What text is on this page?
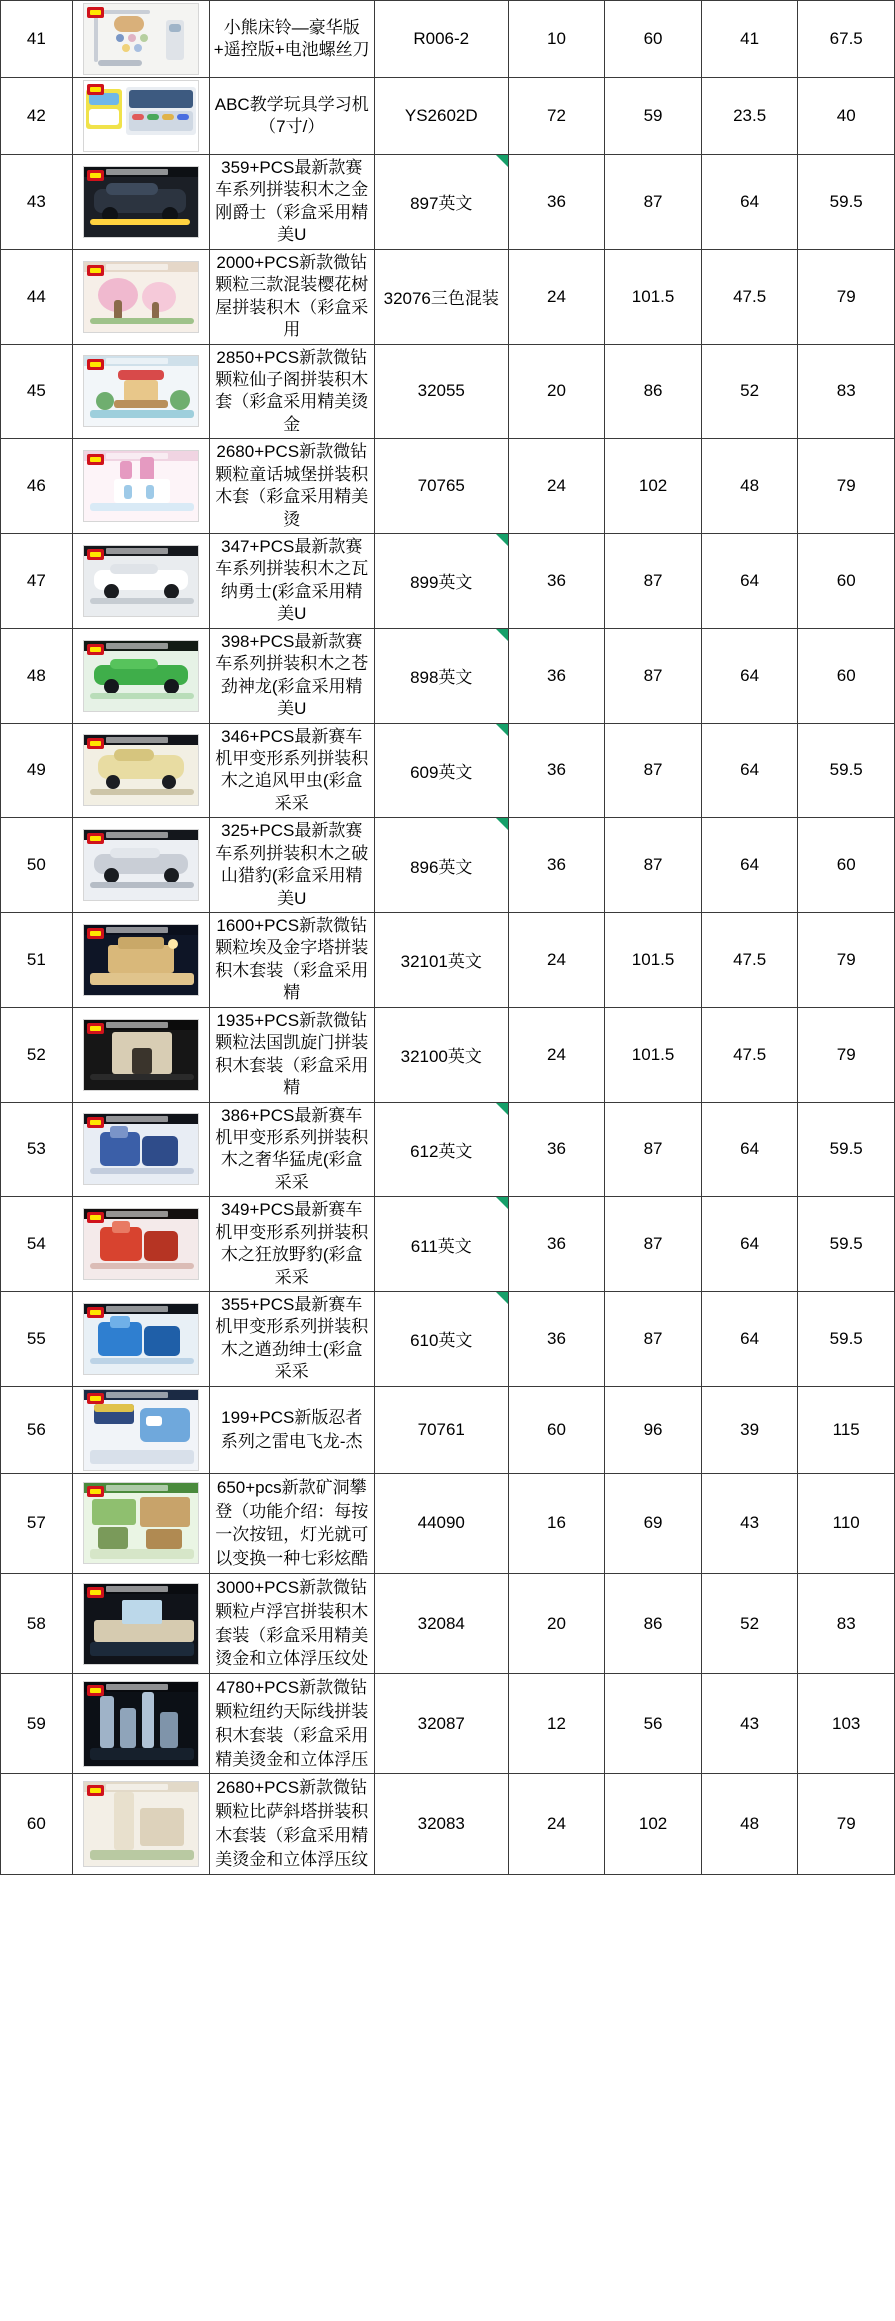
41		小熊床铃—豪华版+遥控版+电池螺丝刀	R006-2	10	60	41	67.5
42		ABC教学玩具学习机（7寸/）	YS2602D	72	59	23.5	40
43		359+PCS最新款赛车系列拼装积木之金刚爵士（彩盒采用精美U	897英文	36	87	64	59.5
44		2000+PCS新款微钻颗粒三款混装樱花树屋拼装积木（彩盒采用	32076三色混装	24	101.5	47.5	79
45		2850+PCS新款微钻颗粒仙子阁拼装积木套（彩盒采用精美烫金	32055	20	86	52	83
46		2680+PCS新款微钻颗粒童话城堡拼装积木套（彩盒采用精美烫	70765	24	102	48	79
47		347+PCS最新款赛车系列拼装积木之瓦纳勇士(彩盒采用精美U	899英文	36	87	64	60
48		398+PCS最新款赛车系列拼装积木之苍劲神龙(彩盒采用精美U	898英文	36	87	64	60
49		346+PCS最新赛车机甲变形系列拼装积木之追风甲虫(彩盒采采	609英文	36	87	64	59.5
50		325+PCS最新款赛车系列拼装积木之破山猎豹(彩盒采用精美U	896英文	36	87	64	60
51		1600+PCS新款微钻颗粒埃及金字塔拼装积木套装（彩盒采用精	32101英文	24	101.5	47.5	79
52		1935+PCS新款微钻颗粒法国凯旋门拼装积木套装（彩盒采用精	32100英文	24	101.5	47.5	79
53		386+PCS最新赛车机甲变形系列拼装积木之奢华猛虎(彩盒采采	612英文	36	87	64	59.5
54		349+PCS最新赛车机甲变形系列拼装积木之狂放野豹(彩盒采采	611英文	36	87	64	59.5
55		355+PCS最新赛车机甲变形系列拼装积木之遒劲绅士(彩盒采采	610英文	36	87	64	59.5
56		199+PCS新版忍者系列之雷电飞龙-杰	70761	60	96	39	115
57		650+pcs新款矿洞攀登（功能介绍：每按一次按钮，灯光就可以变换一种七彩炫酷	44090	16	69	43	110
58		3000+PCS新款微钻颗粒卢浮宫拼装积木套装（彩盒采用精美烫金和立体浮压纹处	32084	20	86	52	83
59		4780+PCS新款微钻颗粒纽约天际线拼装积木套装（彩盒采用精美烫金和立体浮压	32087	12	56	43	103
60		2680+PCS新款微钻颗粒比萨斜塔拼装积木套装（彩盒采用精美烫金和立体浮压纹	32083	24	102	48	79
